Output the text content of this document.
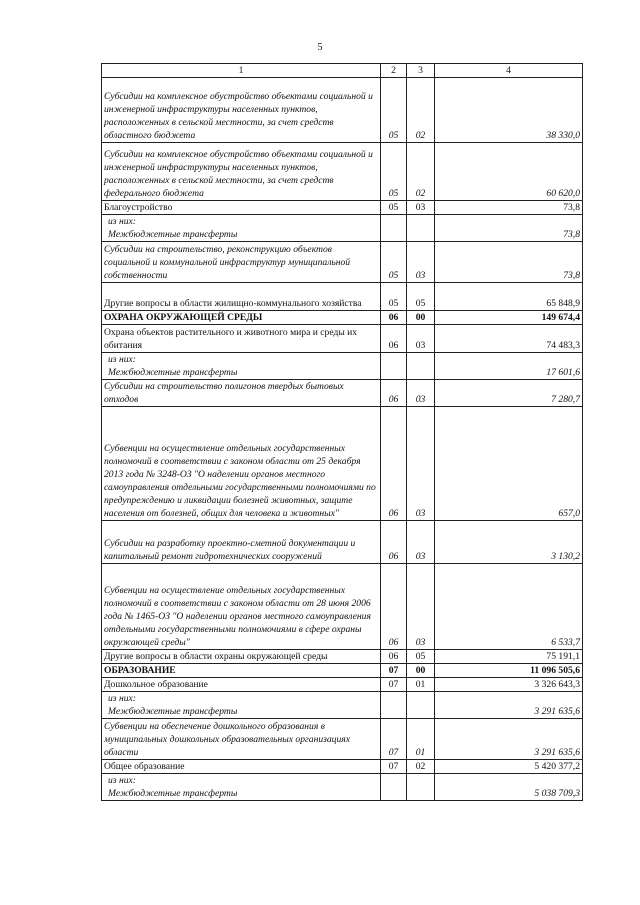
5
1	2	3	4
Субсидии на комплексное обустройство объектами социальной и инженерной инфраструктуры населенных пунктов, расположенных в сельской местности, за счет средств областного бюджета	05	02	38 330,0
Субсидии на комплексное обустройство объектами социальной и инженерной инфраструктуры населенных пунктов, расположенных в сельской местности, за счет средств федерального бюджета	05	02	60 620,0
Благоустройство	05	03	73,8
из них:
Межбюджетные трансферты			73,8
Субсидии на строительство, реконструкцию объектов социальной и коммунальной инфраструктур муниципальной собственности	05	03	73,8
Другие вопросы в области жилищно-коммунального хозяйства	05	05	65 848,9
ОХРАНА ОКРУЖАЮЩЕЙ СРЕДЫ	06	00	149 674,4
Охрана объектов растительного и животного мира и среды их обитания	06	03	74 483,3
из них:
Межбюджетные трансферты			17 601,6
Субсидии на строительство полигонов твердых бытовых отходов	06	03	7 280,7
Субвенции на осуществление отдельных государственных полномочий в соответствии с законом области от 25 декабря 2013 года № 3248-ОЗ "О наделении органов местного самоуправления отдельными государственными полномочиями по предупреждению и ликвидации болезней животных, защите населения от болезней, общих для человека и животных"	06	03	657,0
Субсидии на разработку проектно-сметной документации и капитальный ремонт гидротехнических сооружений	06	03	3 130,2
Субвенции на осуществление отдельных государственных полномочий в соответствии с законом области от 28 июня 2006 года № 1465-ОЗ "О наделении органов местного самоуправления отдельными государственными полномочиями в сфере охраны окружающей среды"	06	03	6 533,7
Другие вопросы в области охраны окружающей среды	06	05	75 191,1
ОБРАЗОВАНИЕ	07	00	11 096 505,6
Дошкольное образование	07	01	3 326 643,3
из них:
Межбюджетные трансферты			3 291 635,6
Субвенции на обеспечение дошкольного образования в муниципальных дошкольных образовательных организациях области	07	01	3 291 635,6
Общее образование	07	02	5 420 377,2
из них:
Межбюджетные трансферты			5 038 709,3
